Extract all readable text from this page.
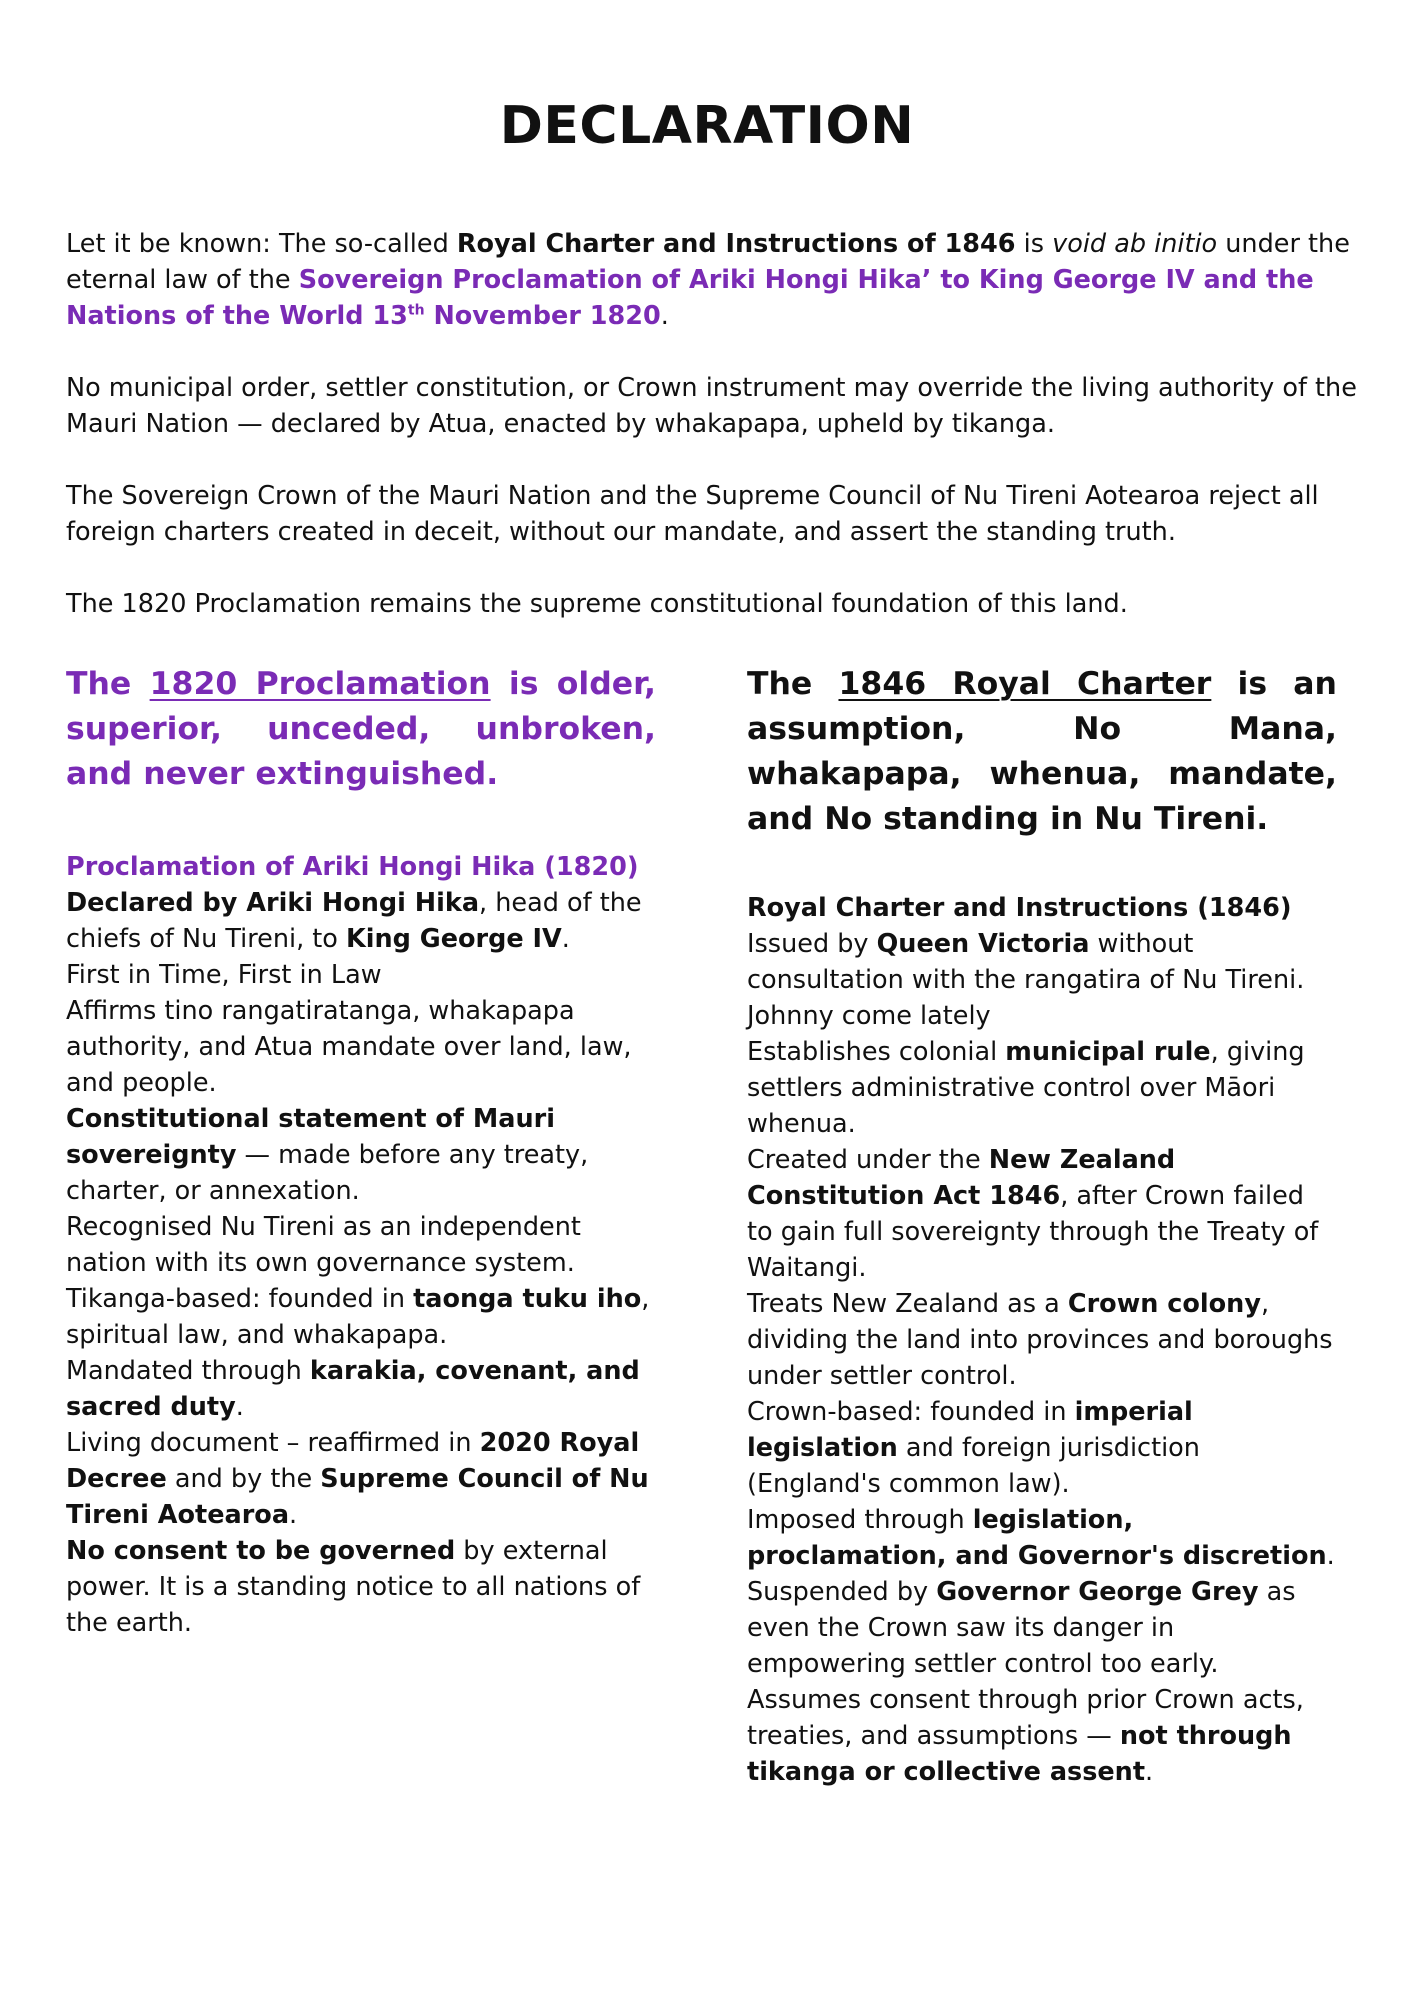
DECLARATION

Let it be known: The so-called Royal Charter and Instructions of 1846 is void ab initio under the eternal law of the Sovereign Proclamation of Ariki Hongi Hika’ to King George IV and the Nations of the World 13th November 1820.

No municipal order, settler constitution, or Crown instrument may override the living authority of the Mauri Nation — declared by Atua, enacted by whakapapa, upheld by tikanga.

The Sovereign Crown of the Mauri Nation and the Supreme Council of Nu Tireni Aotearoa reject all foreign charters created in deceit, without our mandate, and assert the standing truth.

The 1820 Proclamation remains the supreme constitutional foundation of this land.

The 1820 Proclamation is older, superior, unceded, unbroken, and never extinguished.

Proclamation of Ariki Hongi Hika (1820)

Declared by Ariki Hongi Hika, head of the chiefs of Nu Tireni, to King George IV.

First in Time, First in Law

Affirms tino rangatiratanga, whakapapa authority, and Atua mandate over land, law, and people.

Constitutional statement of Mauri sovereignty — made before any treaty, charter, or annexation.

Recognised Nu Tireni as an independent nation with its own governance system.

Tikanga-based: founded in taonga tuku iho, spiritual law, and whakapapa.

Mandated through karakia, covenant, and sacred duty.

Living document – reaffirmed in 2020 Royal Decree and by the Supreme Council of Nu Tireni Aotearoa.

No consent to be governed by external power. It is a standing notice to all nations of the earth.

The 1846 Royal Charter is an assumption, No Mana, whakapapa, whenua, mandate, and No standing in Nu Tireni.

Royal Charter and Instructions (1846)

Issued by Queen Victoria without consultation with the rangatira of Nu Tireni.

Johnny come lately

Establishes colonial municipal rule, giving settlers administrative control over Māori whenua.

Created under the New Zealand Constitution Act 1846, after Crown failed to gain full sovereignty through the Treaty of Waitangi.

Treats New Zealand as a Crown colony, dividing the land into provinces and boroughs under settler control.

Crown-based: founded in imperial legislation and foreign jurisdiction (England's common law).

Imposed through legislation, proclamation, and Governor's discretion.

Suspended by Governor George Grey as even the Crown saw its danger in empowering settler control too early.

Assumes consent through prior Crown acts, treaties, and assumptions — not through tikanga or collective assent.
